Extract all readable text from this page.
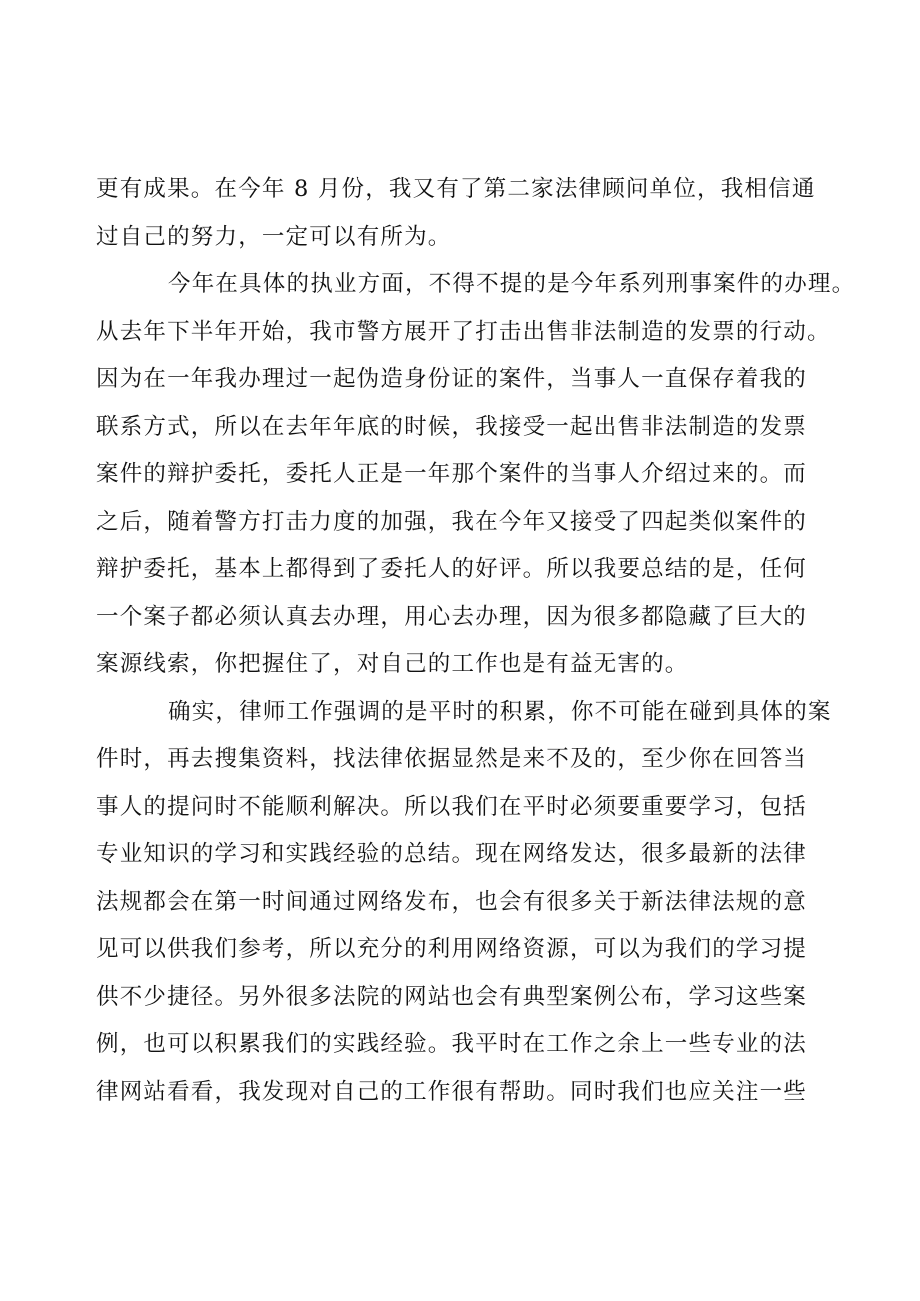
更有成果。在今年 8 月份，我又有了第二家法律顾问单位，我相信通
过自己的努力，一定可以有所为。
今年在具体的执业方面，不得不提的是今年系列刑事案件的办理。
从去年下半年开始，我市警方展开了打击出售非法制造的发票的行动。
因为在一年我办理过一起伪造身份证的案件，当事人一直保存着我的
联系方式，所以在去年年底的时候，我接受一起出售非法制造的发票
案件的辩护委托，委托人正是一年那个案件的当事人介绍过来的。而
之后，随着警方打击力度的加强，我在今年又接受了四起类似案件的
辩护委托，基本上都得到了委托人的好评。所以我要总结的是，任何
一个案子都必须认真去办理，用心去办理，因为很多都隐藏了巨大的
案源线索，你把握住了，对自己的工作也是有益无害的。
确实，律师工作强调的是平时的积累，你不可能在碰到具体的案
件时，再去搜集资料，找法律依据显然是来不及的，至少你在回答当
事人的提问时不能顺利解决。所以我们在平时必须要重要学习，包括
专业知识的学习和实践经验的总结。现在网络发达，很多最新的法律
法规都会在第一时间通过网络发布，也会有很多关于新法律法规的意
见可以供我们参考，所以充分的利用网络资源，可以为我们的学习提
供不少捷径。另外很多法院的网站也会有典型案例公布，学习这些案
例，也可以积累我们的实践经验。我平时在工作之余上一些专业的法
律网站看看，我发现对自己的工作很有帮助。同时我们也应关注一些
